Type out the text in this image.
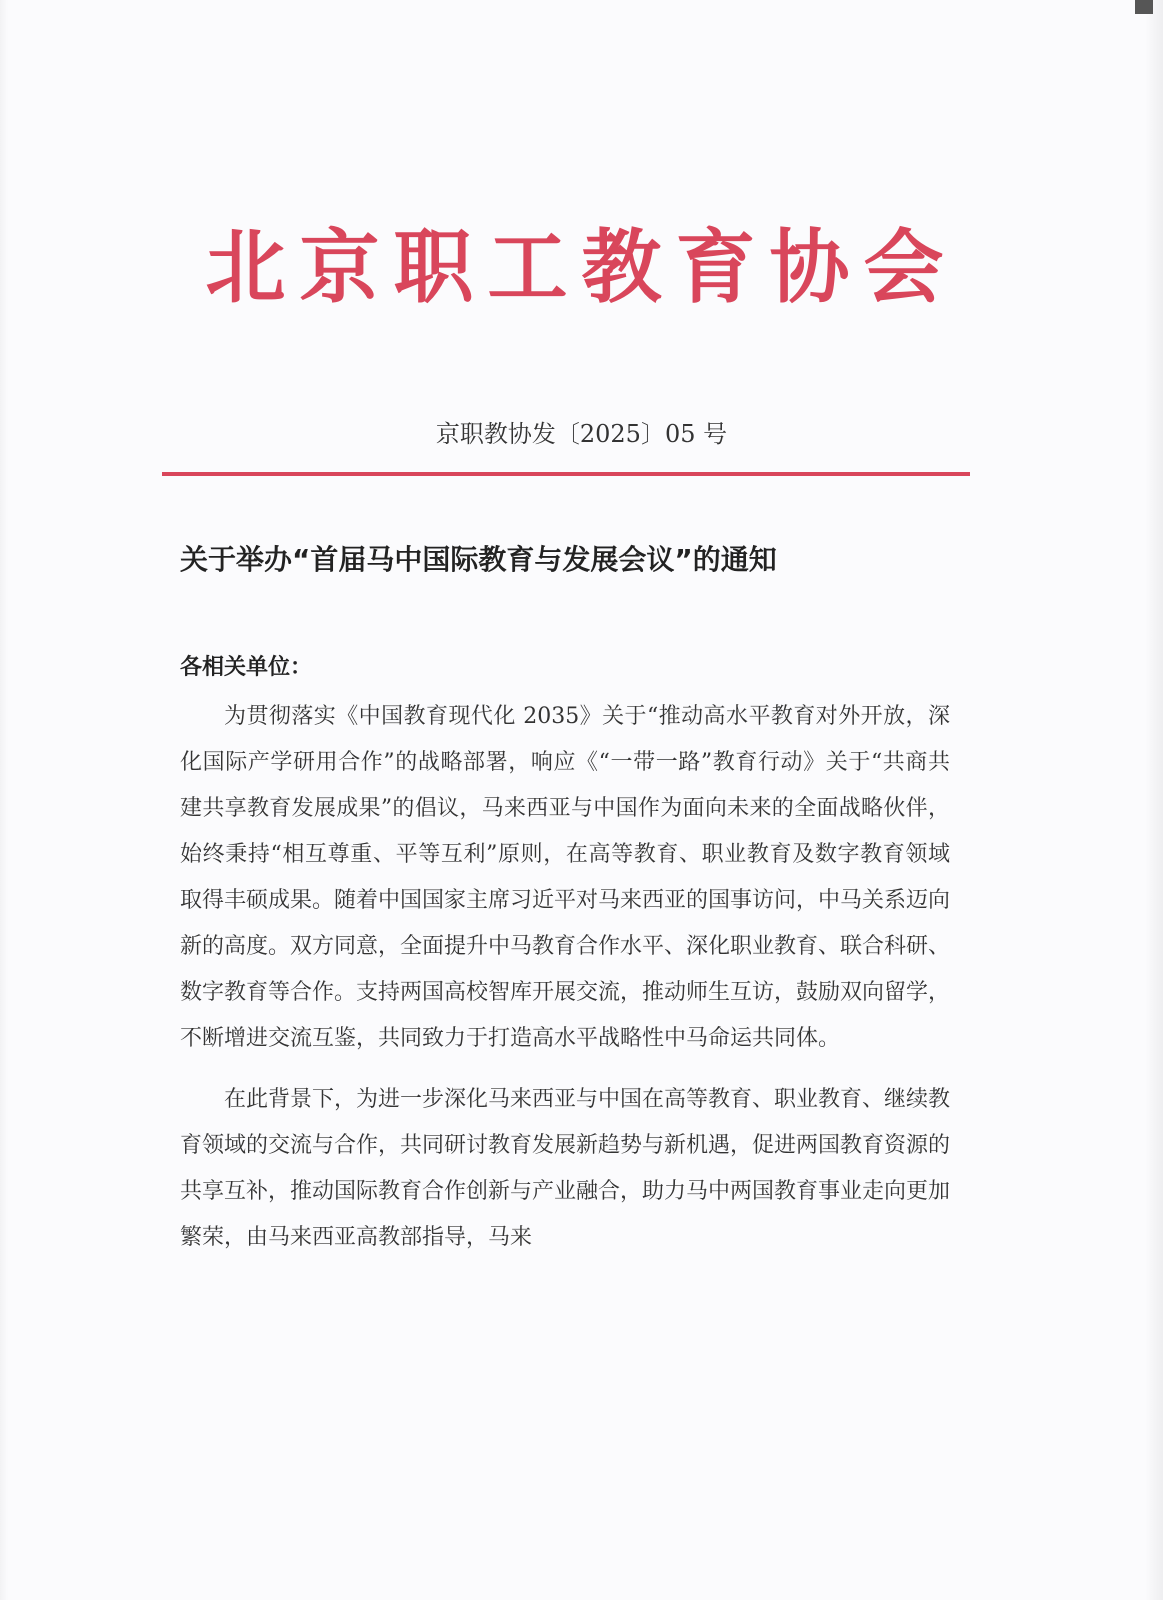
北京职工教育协会
京职教协发〔2025〕05 号
关于举办“首届马中国际教育与发展会议”的通知
各相关单位：

为贯彻落实《中国教育现代化 2035》关于“推动高水平教育对外开放，深化国际产学研用合作”的战略部署，响应《“一带一路”教育行动》关于“共商共建共享教育发展成果”的倡议，马来西亚与中国作为面向未来的全面战略伙伴，始终秉持“相互尊重、平等互利”原则，在高等教育、职业教育及数字教育领域取得丰硕成果。随着中国国家主席习近平对马来西亚的国事访问，中马关系迈向新的高度。双方同意，全面提升中马教育合作水平、深化职业教育、联合科研、数字教育等合作。支持两国高校智库开展交流，推动师生互访，鼓励双向留学，不断增进交流互鉴，共同致力于打造高水平战略性中马命运共同体。

在此背景下，为进一步深化马来西亚与中国在高等教育、职业教育、继续教育领域的交流与合作，共同研讨教育发展新趋势与新机遇，促进两国教育资源的共享互补，推动国际教育合作创新与产业融合，助力马中两国教育事业走向更加繁荣，由马来西亚高教部指导，马来
